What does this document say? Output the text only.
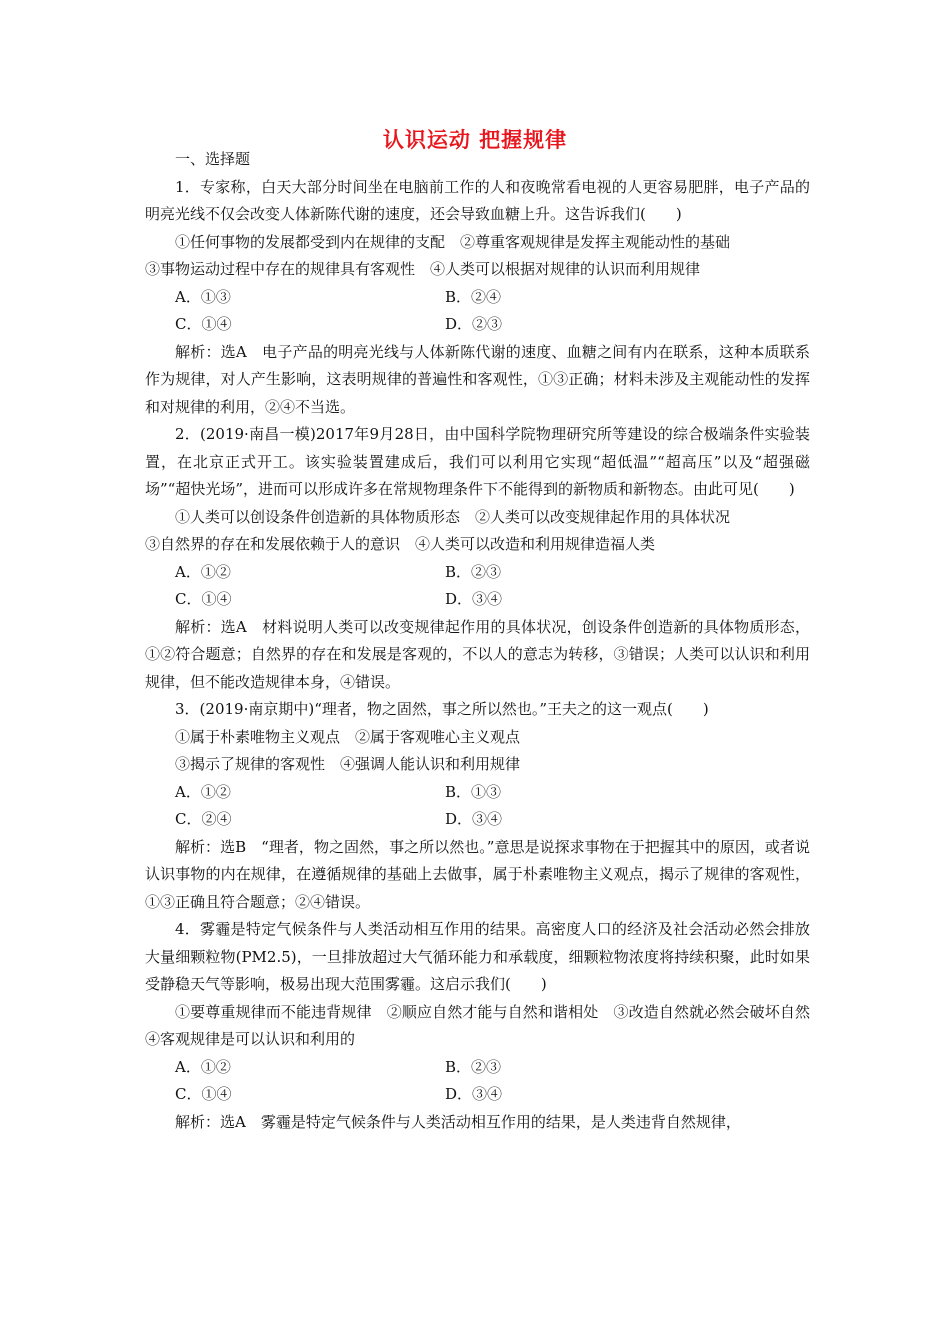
认识运动 把握规律
一、选择题

1．专家称，白天大部分时间坐在电脑前工作的人和夜晚常看电视的人更容易肥胖，电子产品的明亮光线不仅会改变人体新陈代谢的速度，还会导致血糖上升。这告诉我们(　　)

①任何事物的发展都受到内在规律的支配　②尊重客观规律是发挥主观能动性的基础

③事物运动过程中存在的规律具有客观性　④人类可以根据对规律的认识而利用规律

A．①③	B．②④
C．①④	D．②③

解析：选A　电子产品的明亮光线与人体新陈代谢的速度、血糖之间有内在联系，这种本质联系作为规律，对人产生影响，这表明规律的普遍性和客观性，①③正确；材料未涉及主观能动性的发挥和对规律的利用，②④不当选。

2．(2019·南昌一模)2017年9月28日，由中国科学院物理研究所等建设的综合极端条件实验装置，在北京正式开工。该实验装置建成后，我们可以利用它实现“超低温”“超高压”以及“超强磁场”“超快光场”，进而可以形成许多在常规物理条件下不能得到的新物质和新物态。由此可见(　　)

①人类可以创设条件创造新的具体物质形态　②人类可以改变规律起作用的具体状况

③自然界的存在和发展依赖于人的意识　④人类可以改造和利用规律造福人类

A．①②	B．②③
C．①④	D．③④

解析：选A　材料说明人类可以改变规律起作用的具体状况，创设条件创造新的具体物质形态，①②符合题意；自然界的存在和发展是客观的，不以人的意志为转移，③错误；人类可以认识和利用规律，但不能改造规律本身，④错误。

3．(2019·南京期中)“理者，物之固然，事之所以然也。”王夫之的这一观点(　　)

①属于朴素唯物主义观点　②属于客观唯心主义观点

③揭示了规律的客观性　④强调人能认识和利用规律

A．①②	B．①③
C．②④	D．③④

解析：选B　“理者，物之固然，事之所以然也。”意思是说探求事物在于把握其中的原因，或者说认识事物的内在规律，在遵循规律的基础上去做事，属于朴素唯物主义观点，揭示了规律的客观性，①③正确且符合题意；②④错误。

4．雾霾是特定气候条件与人类活动相互作用的结果。高密度人口的经济及社会活动必然会排放大量细颗粒物(PM2.5)，一旦排放超过大气循环能力和承载度，细颗粒物浓度将持续积聚，此时如果受静稳天气等影响，极易出现大范围雾霾。这启示我们(　　)

①要尊重规律而不能违背规律　②顺应自然才能与自然和谐相处　③改造自然就必然会破坏自然　④客观规律是可以认识和利用的

A．①②	B．②③
C．①④	D．③④

解析：选A　雾霾是特定气候条件与人类活动相互作用的结果，是人类违背自然规律，
